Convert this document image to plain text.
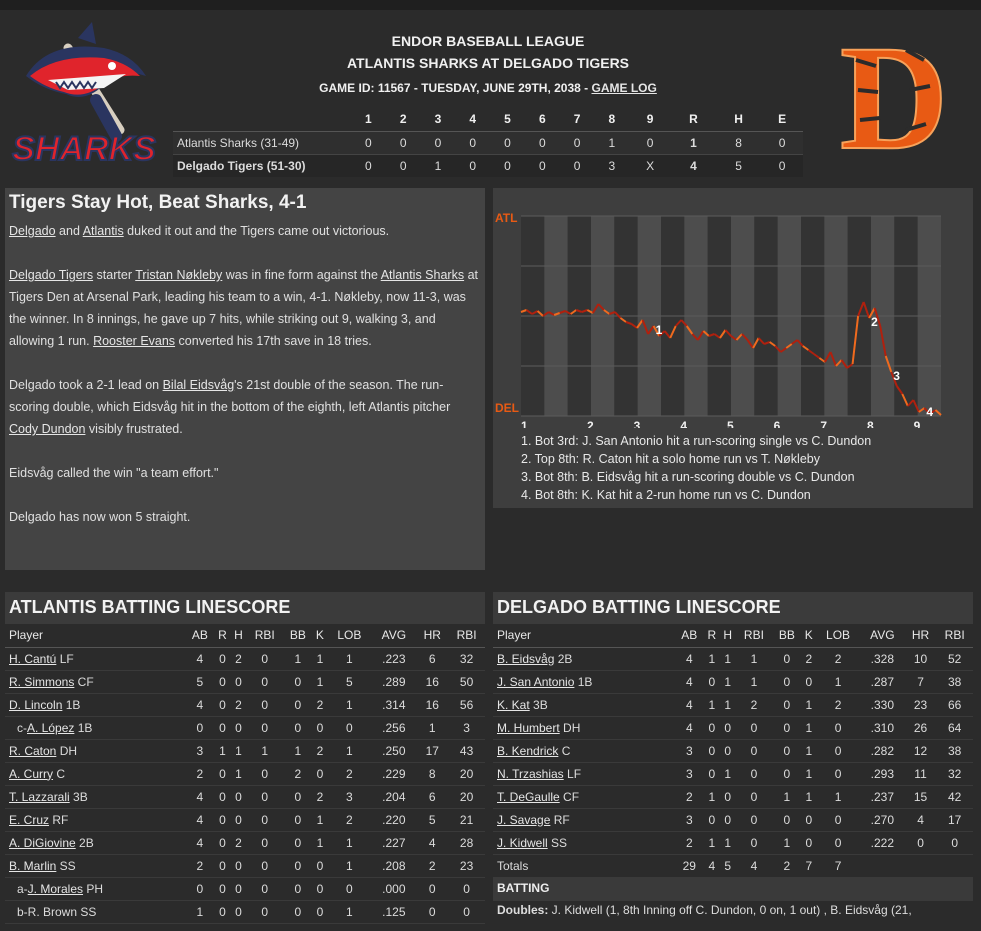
SHARKS	D
ENDOR BASEBALL LEAGUE
ATLANTIS SHARKS AT DELGADO TIGERS
GAME ID: 11567 - TUESDAY, JUNE 29TH, 2038 - GAME LOG
	1	2	3	4	5	6	7	8	9	R	H	E
Atlantis Sharks (31-49)	0	0	0	0	0	0	0	1	0	1	8	0
Delgado Tigers (51-30)	0	0	1	0	0	0	0	3	X	4	5	0
Tigers Stay Hot, Beat Sharks, 4-1

Delgado and Atlantis duked it out and the Tigers came out victorious.

Delgado Tigers starter Tristan Nøkleby was in fine form against the Atlantis Sharks at Tigers Den at Arsenal Park, leading his team to a win, 4-1. Nøkleby, now 11-3, was the winner. In 8 innings, he gave up 7 hits, while striking out 9, walking 3, and allowing 1 run. Rooster Evans converted his 17th save in 18 tries.

Delgado took a 2-1 lead on Bilal Eidsvåg's 21st double of the season. The run-scoring double, which Eidsvåg hit in the bottom of the eighth, left Atlantis pitcher Cody Dundon visibly frustrated.

Eidsvåg called the win "a team effort."

Delgado has now won 5 straight.

ATL
DEL
1	2	3	4	5	6	7	8	9
1
2
3
4
1. Bot 3rd: J. San Antonio hit a run-scoring single vs C. Dundon
2. Top 8th: R. Caton hit a solo home run vs T. Nøkleby
3. Bot 8th: B. Eidsvåg hit a run-scoring double vs C. Dundon
4. Bot 8th: K. Kat hit a 2-run home run vs C. Dundon
ATLANTIS BATTING LINESCORE
Player	AB	R	H	RBI	BB	K	LOB	AVG	HR	RBI
H. Cantú LF	4	0	2	0	1	1	1	.223	6	32
R. Simmons CF	5	0	0	0	0	1	5	.289	16	50
D. Lincoln 1B	4	0	2	0	0	2	1	.314	16	56
c-A. López 1B	0	0	0	0	0	0	0	.256	1	3
R. Caton DH	3	1	1	1	1	2	1	.250	17	43
A. Curry C	2	0	1	0	2	0	2	.229	8	20
T. Lazzarali 3B	4	0	0	0	0	2	3	.204	6	20
E. Cruz RF	4	0	0	0	0	1	2	.220	5	21
A. DiGiovine 2B	4	0	2	0	0	1	1	.227	4	28
B. Marlin SS	2	0	0	0	0	0	1	.208	2	23
a-J. Morales PH	0	0	0	0	0	0	0	.000	0	0
b-R. Brown SS	1	0	0	0	0	0	1	.125	0	0
DELGADO BATTING LINESCORE
Player	AB	R	H	RBI	BB	K	LOB	AVG	HR	RBI
B. Eidsvåg 2B	4	1	1	1	0	2	2	.328	10	52
J. San Antonio 1B	4	0	1	1	0	0	1	.287	7	38
K. Kat 3B	4	1	1	2	0	1	2	.330	23	66
M. Humbert DH	4	0	0	0	0	1	0	.310	26	64
B. Kendrick C	3	0	0	0	0	1	0	.282	12	38
N. Trzashias LF	3	0	1	0	0	1	0	.293	11	32
T. DeGaulle CF	2	1	0	0	1	1	1	.237	15	42
J. Savage RF	3	0	0	0	0	0	0	.270	4	17
J. Kidwell SS	2	1	1	0	1	0	0	.222	0	0
Totals	29	4	5	4	2	7	7			
BATTING
Doubles: J. Kidwell (1, 8th Inning off C. Dundon, 0 on, 1 out) , B. Eidsvåg (21,
